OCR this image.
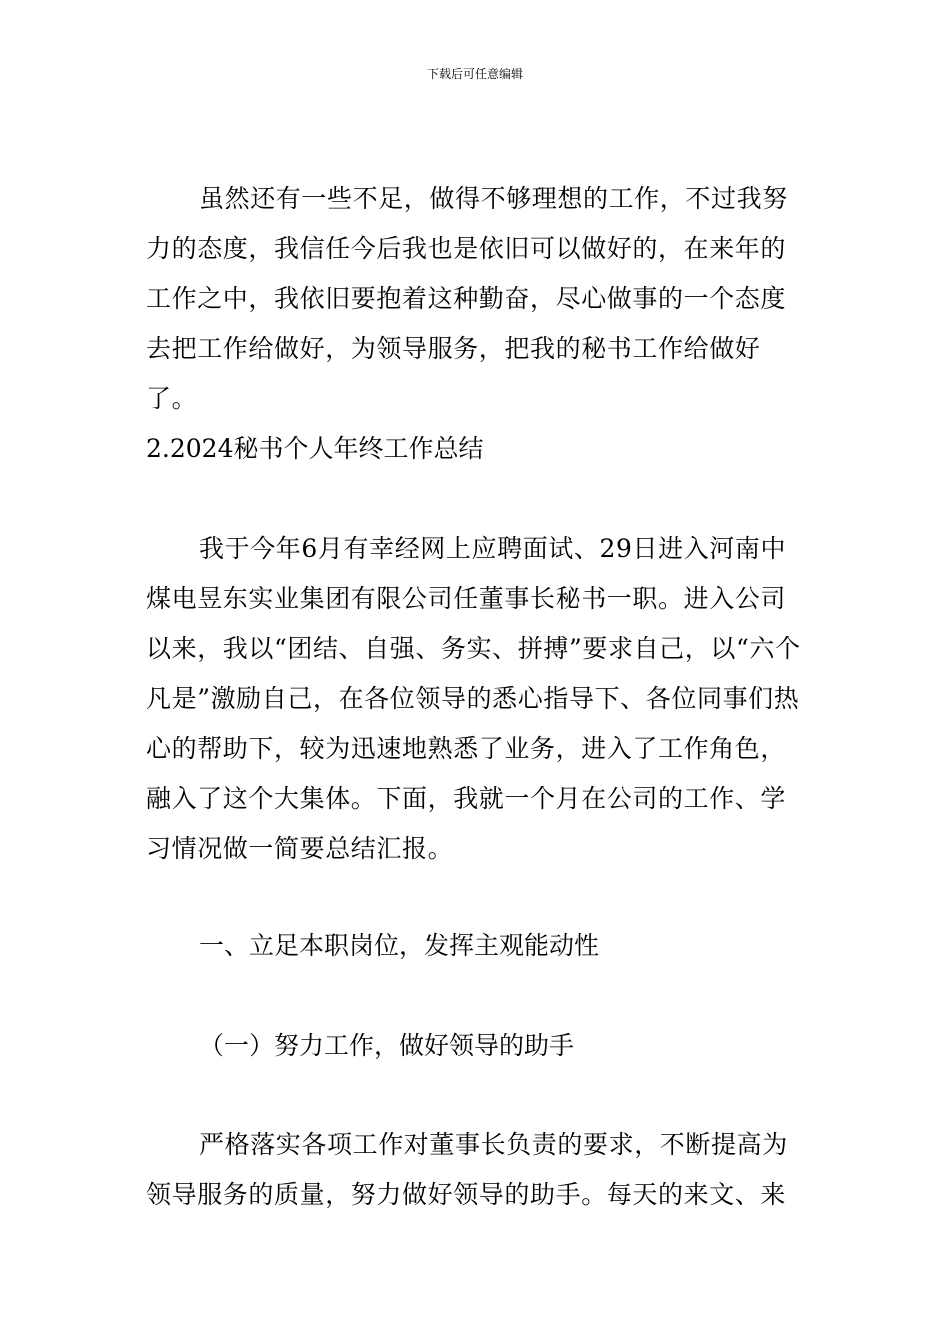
下载后可任意编辑

虽然还有一些不足，做得不够理想的工作，不过我努力的态度，我信任今后我也是依旧可以做好的，在来年的工作之中，我依旧要抱着这种勤奋，尽心做事的一个态度去把工作给做好，为领导服务，把我的秘书工作给做好了。

2.2024秘书个人年终工作总结

我于今年6月有幸经网上应聘面试、29日进入河南中煤电昱东实业集团有限公司任董事长秘书一职。进入公司以来，我以“团结、自强、务实、拼搏”要求自己，以“六个凡是”激励自己，在各位领导的悉心指导下、各位同事们热心的帮助下，较为迅速地熟悉了业务，进入了工作角色，融入了这个大集体。下面，我就一个月在公司的工作、学习情况做一简要总结汇报。

一、立足本职岗位，发挥主观能动性

（一）努力工作，做好领导的助手

严格落实各项工作对董事长负责的要求，不断提高为领导服务的质量，努力做好领导的助手。每天的来文、来
